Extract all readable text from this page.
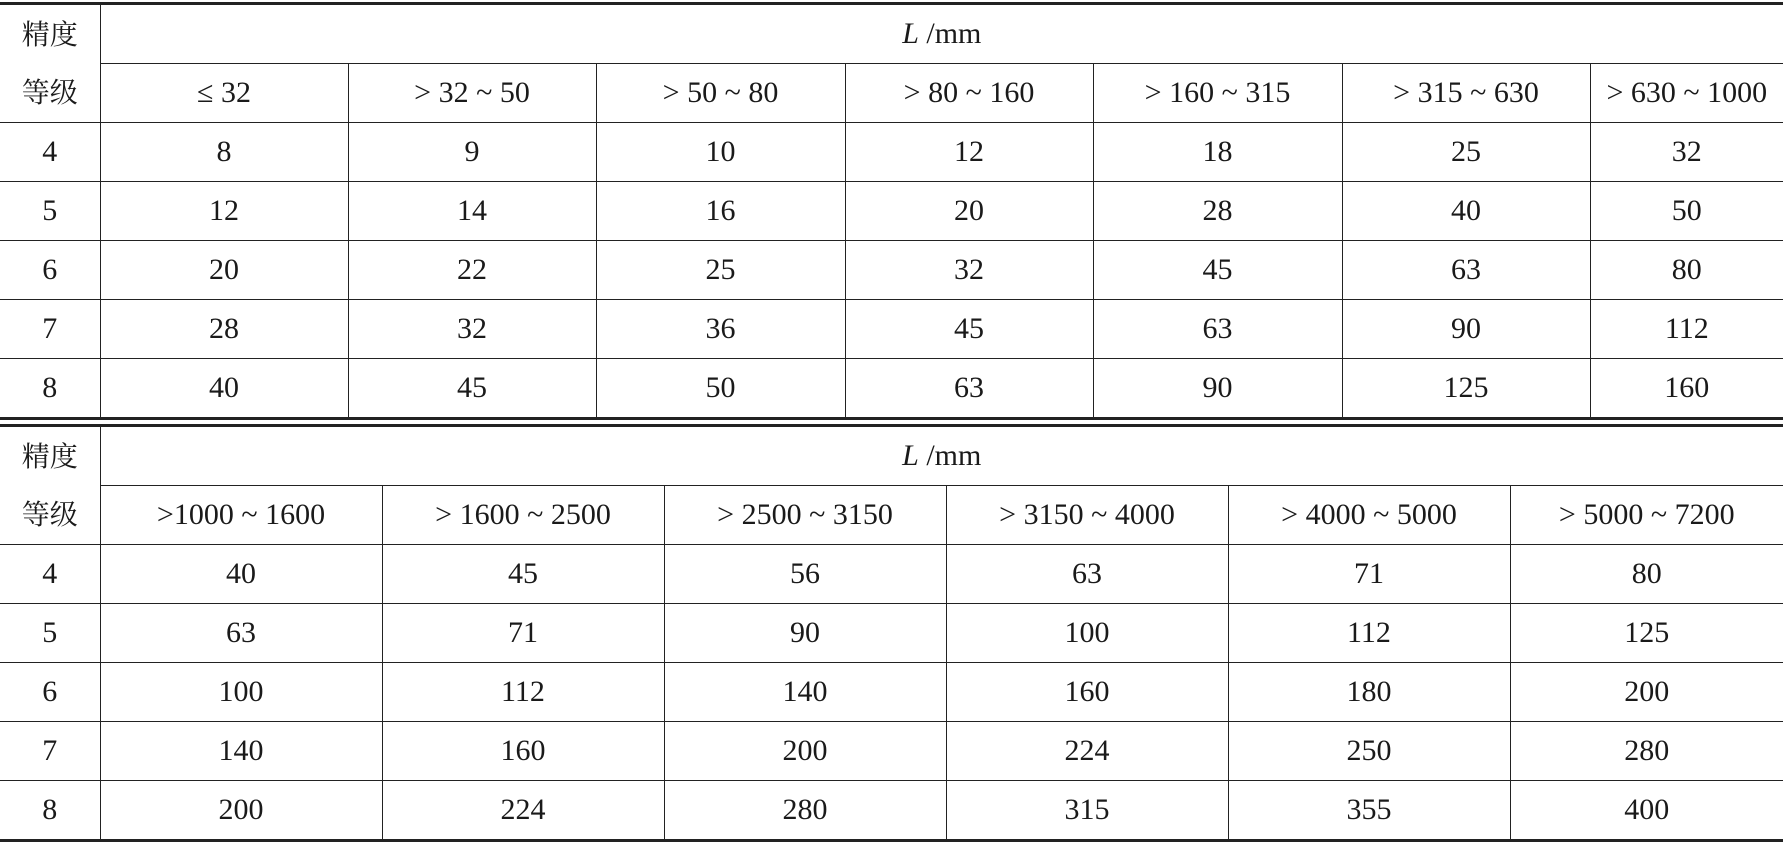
精度
等级	L /mm						
	≤ 32	> 32 ~ 50	> 50 ~ 80	> 80 ~ 160	> 160 ~ 315	> 315 ~ 630	> 630 ~ 1000
4	8	9	10	12	18	25	32
5	12	14	16	20	28	40	50
6	20	22	25	32	45	63	80
7	28	32	36	45	63	90	112
8	40	45	50	63	90	125	160
精度
等级	L /mm					
	>1000 ~ 1600	> 1600 ~ 2500	> 2500 ~ 3150	> 3150 ~ 4000	> 4000 ~ 5000	> 5000 ~ 7200
4	40	45	56	63	71	80
5	63	71	90	100	112	125
6	100	112	140	160	180	200
7	140	160	200	224	250	280
8	200	224	280	315	355	400
